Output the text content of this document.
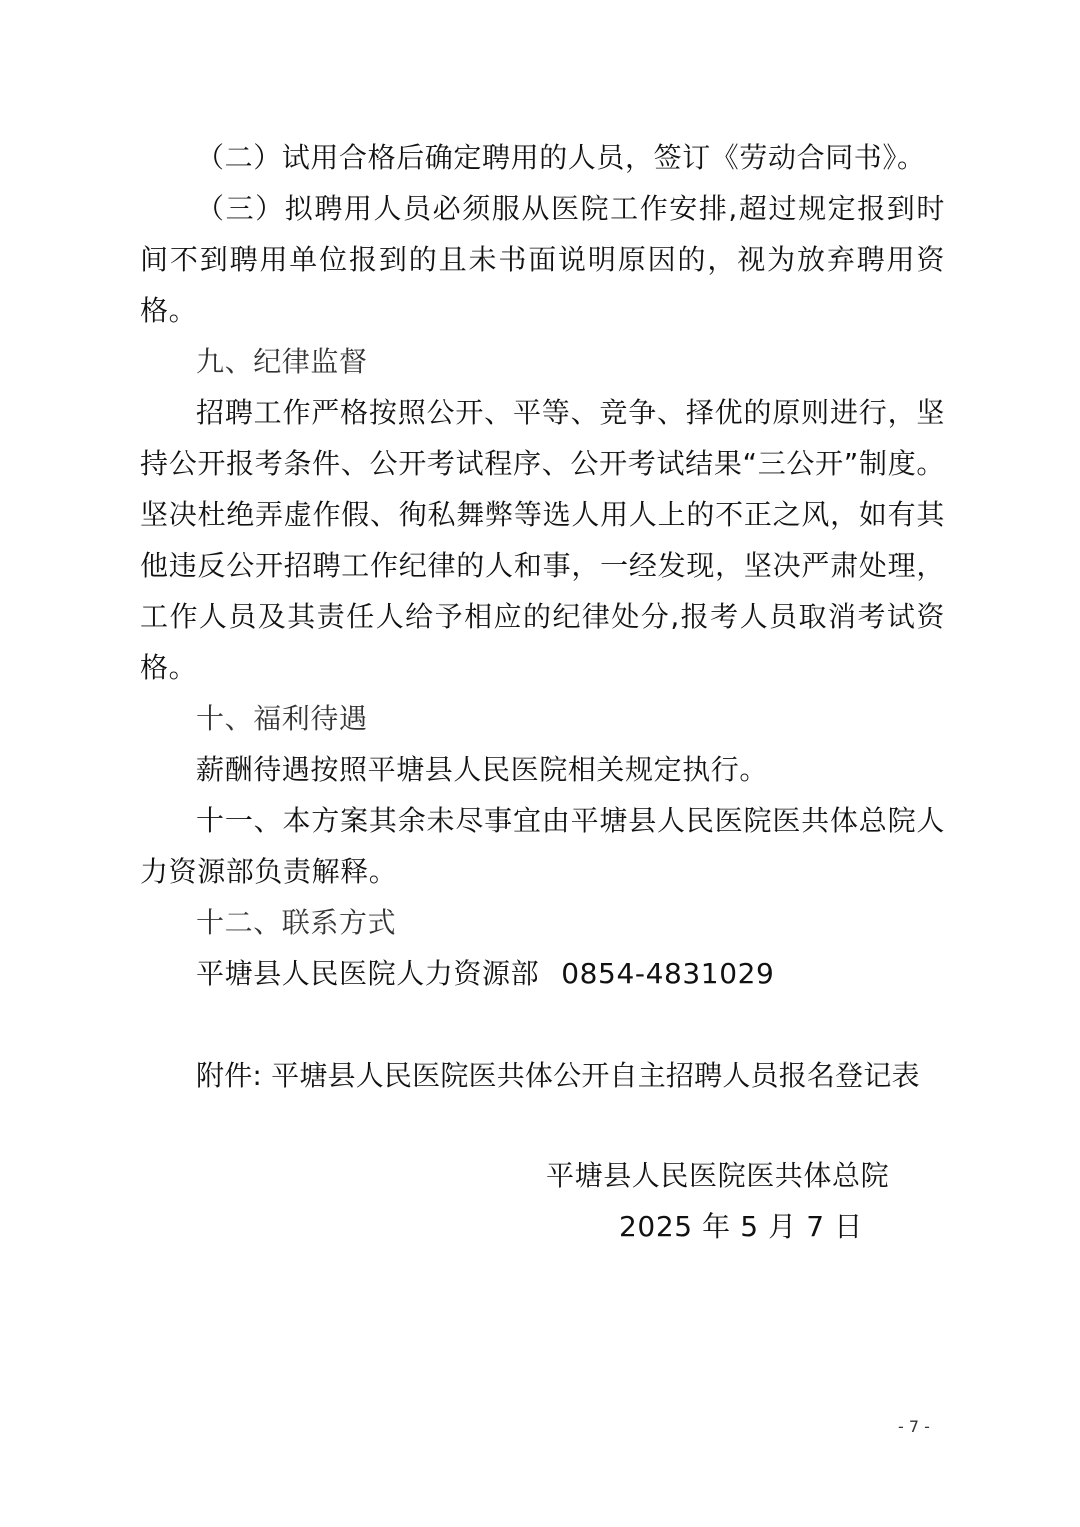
（二）试用合格后确定聘用的人员，签订《劳动合同书》。

（三）拟聘用人员必须服从医院工作安排,超过规定报到时间不到聘用单位报到的且未书面说明原因的，视为放弃聘用资格。

九、纪律监督

招聘工作严格按照公开、平等、竞争、择优的原则进行，坚持公开报考条件、公开考试程序、公开考试结果“三公开”制度。坚决杜绝弄虚作假、徇私舞弊等选人用人上的不正之风，如有其他违反公开招聘工作纪律的人和事，一经发现，坚决严肃处理，工作人员及其责任人给予相应的纪律处分,报考人员取消考试资格。

十、福利待遇

薪酬待遇按照平塘县人民医院相关规定执行。

十一、本方案其余未尽事宜由平塘县人民医院医共体总院人力资源部负责解释。

十二、联系方式

平塘县人民医院人力资源部 0854-4831029

附件: 平塘县人民医院医共体公开自主招聘人员报名登记表

平塘县人民医院医共体总院
2025 年 5 月 7 日
- 7 -
